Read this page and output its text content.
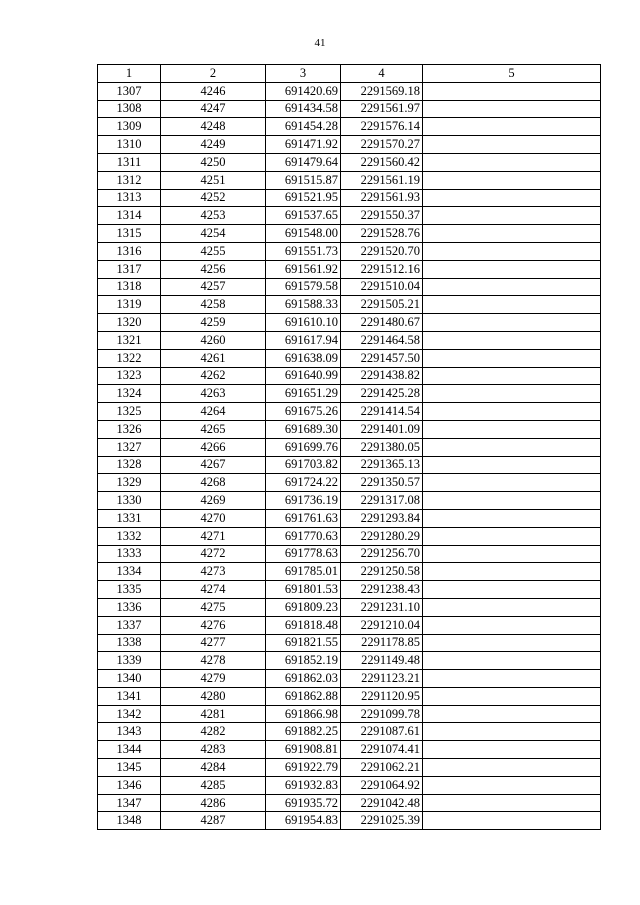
41
1	2	3	4	5
1307	4246	691420.69	2291569.18	
1308	4247	691434.58	2291561.97	
1309	4248	691454.28	2291576.14	
1310	4249	691471.92	2291570.27	
1311	4250	691479.64	2291560.42	
1312	4251	691515.87	2291561.19	
1313	4252	691521.95	2291561.93	
1314	4253	691537.65	2291550.37	
1315	4254	691548.00	2291528.76	
1316	4255	691551.73	2291520.70	
1317	4256	691561.92	2291512.16	
1318	4257	691579.58	2291510.04	
1319	4258	691588.33	2291505.21	
1320	4259	691610.10	2291480.67	
1321	4260	691617.94	2291464.58	
1322	4261	691638.09	2291457.50	
1323	4262	691640.99	2291438.82	
1324	4263	691651.29	2291425.28	
1325	4264	691675.26	2291414.54	
1326	4265	691689.30	2291401.09	
1327	4266	691699.76	2291380.05	
1328	4267	691703.82	2291365.13	
1329	4268	691724.22	2291350.57	
1330	4269	691736.19	2291317.08	
1331	4270	691761.63	2291293.84	
1332	4271	691770.63	2291280.29	
1333	4272	691778.63	2291256.70	
1334	4273	691785.01	2291250.58	
1335	4274	691801.53	2291238.43	
1336	4275	691809.23	2291231.10	
1337	4276	691818.48	2291210.04	
1338	4277	691821.55	2291178.85	
1339	4278	691852.19	2291149.48	
1340	4279	691862.03	2291123.21	
1341	4280	691862.88	2291120.95	
1342	4281	691866.98	2291099.78	
1343	4282	691882.25	2291087.61	
1344	4283	691908.81	2291074.41	
1345	4284	691922.79	2291062.21	
1346	4285	691932.83	2291064.92	
1347	4286	691935.72	2291042.48	
1348	4287	691954.83	2291025.39	
